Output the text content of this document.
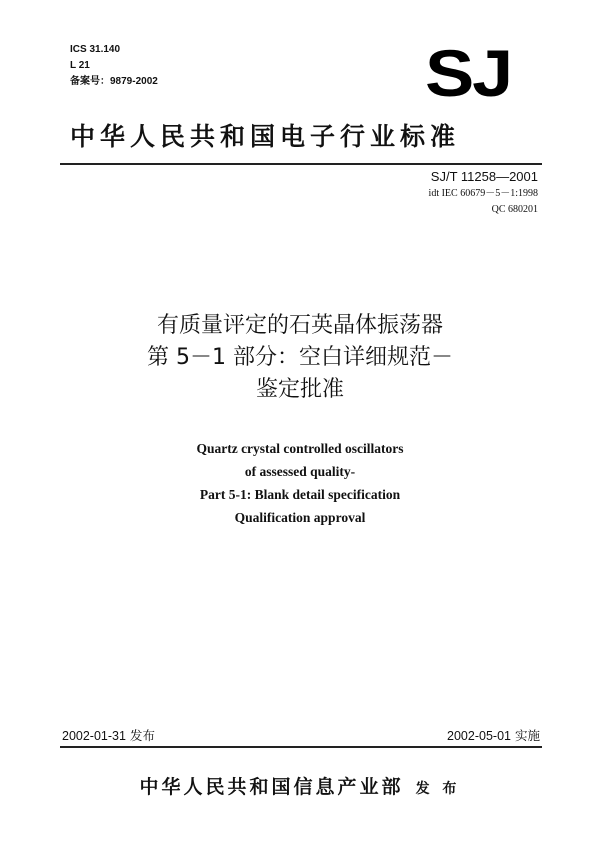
ICS 31.140
L 21
备案号：9879-2002	SJ
中华人民共和国电子行业标准
SJ/T 11258—2001
idt IEC 60679－5－1:1998
QC 680201
有质量评定的石英晶体振荡器
第 5－1 部分：空白详细规范－
鉴定批准
Quartz crystal controlled oscillators
of assessed quality-
Part 5-1: Blank detail specification
Qualification approval
2002-01-31 发布	2002-05-01 实施
中华人民共和国信息产业部 发 布
